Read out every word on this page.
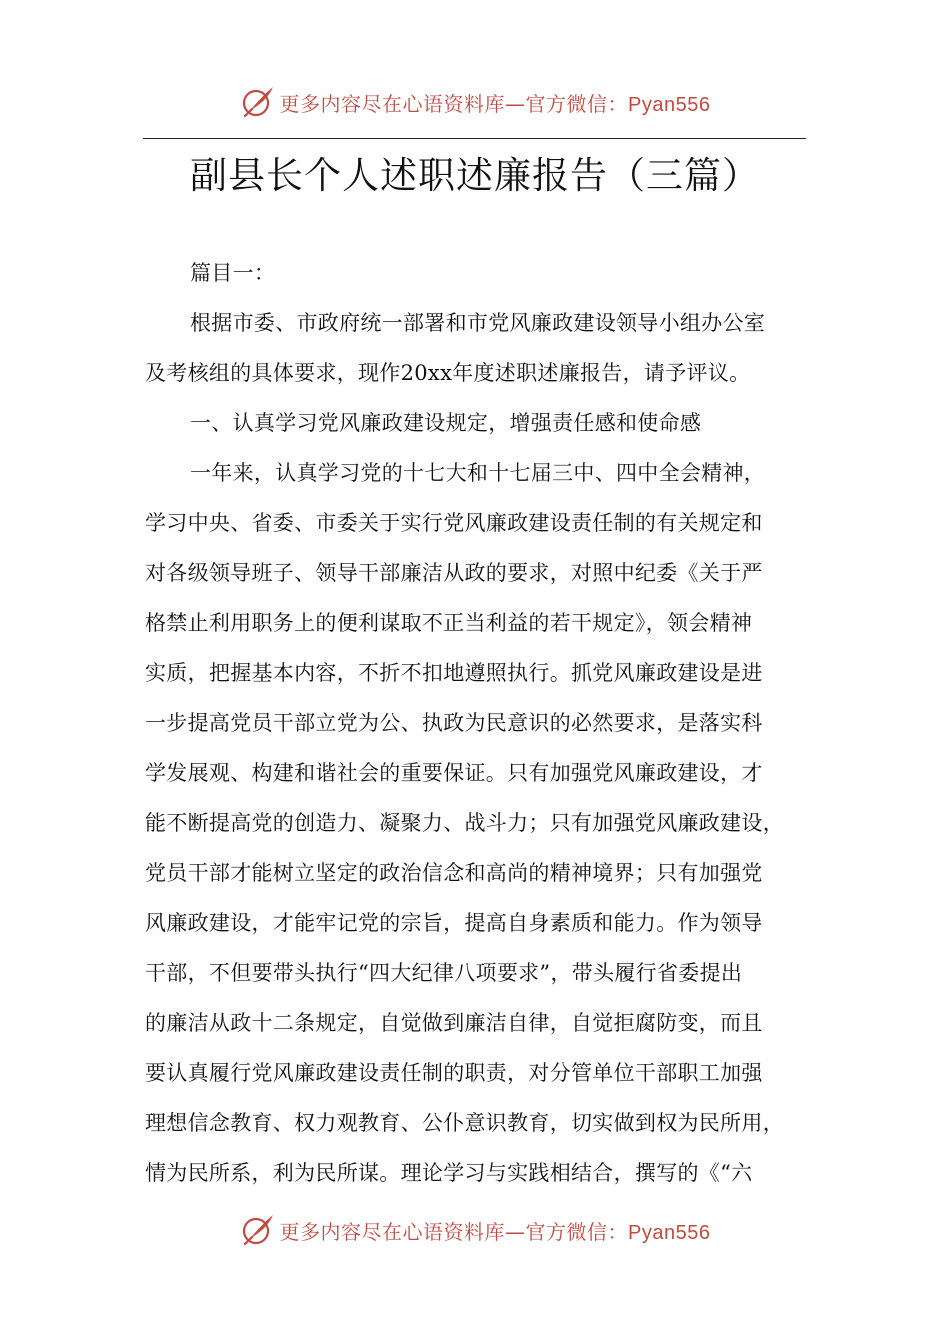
更多内容尽在心语资料库—官方微信：Pyan556
副县长个人述职述廉报告（三篇）
篇目一：
根据市委、市政府统一部署和市党风廉政建设领导小组办公室
及考核组的具体要求，现作20xx年度述职述廉报告，请予评议。
一、认真学习党风廉政建设规定，增强责任感和使命感
一年来，认真学习党的十七大和十七届三中、四中全会精神，
学习中央、省委、市委关于实行党风廉政建设责任制的有关规定和
对各级领导班子、领导干部廉洁从政的要求，对照中纪委《关于严
格禁止利用职务上的便利谋取不正当利益的若干规定》，领会精神
实质，把握基本内容，不折不扣地遵照执行。抓党风廉政建设是进
一步提高党员干部立党为公、执政为民意识的必然要求，是落实科
学发展观、构建和谐社会的重要保证。只有加强党风廉政建设，才
能不断提高党的创造力、凝聚力、战斗力；只有加强党风廉政建设，
党员干部才能树立坚定的政治信念和高尚的精神境界；只有加强党
风廉政建设，才能牢记党的宗旨，提高自身素质和能力。作为领导
干部，不但要带头执行“四大纪律八项要求”，带头履行省委提出
的廉洁从政十二条规定，自觉做到廉洁自律，自觉拒腐防变，而且
要认真履行党风廉政建设责任制的职责，对分管单位干部职工加强
理想信念教育、权力观教育、公仆意识教育，切实做到权为民所用，
情为民所系，利为民所谋。理论学习与实践相结合，撰写的《“六
更多内容尽在心语资料库—官方微信：Pyan556
